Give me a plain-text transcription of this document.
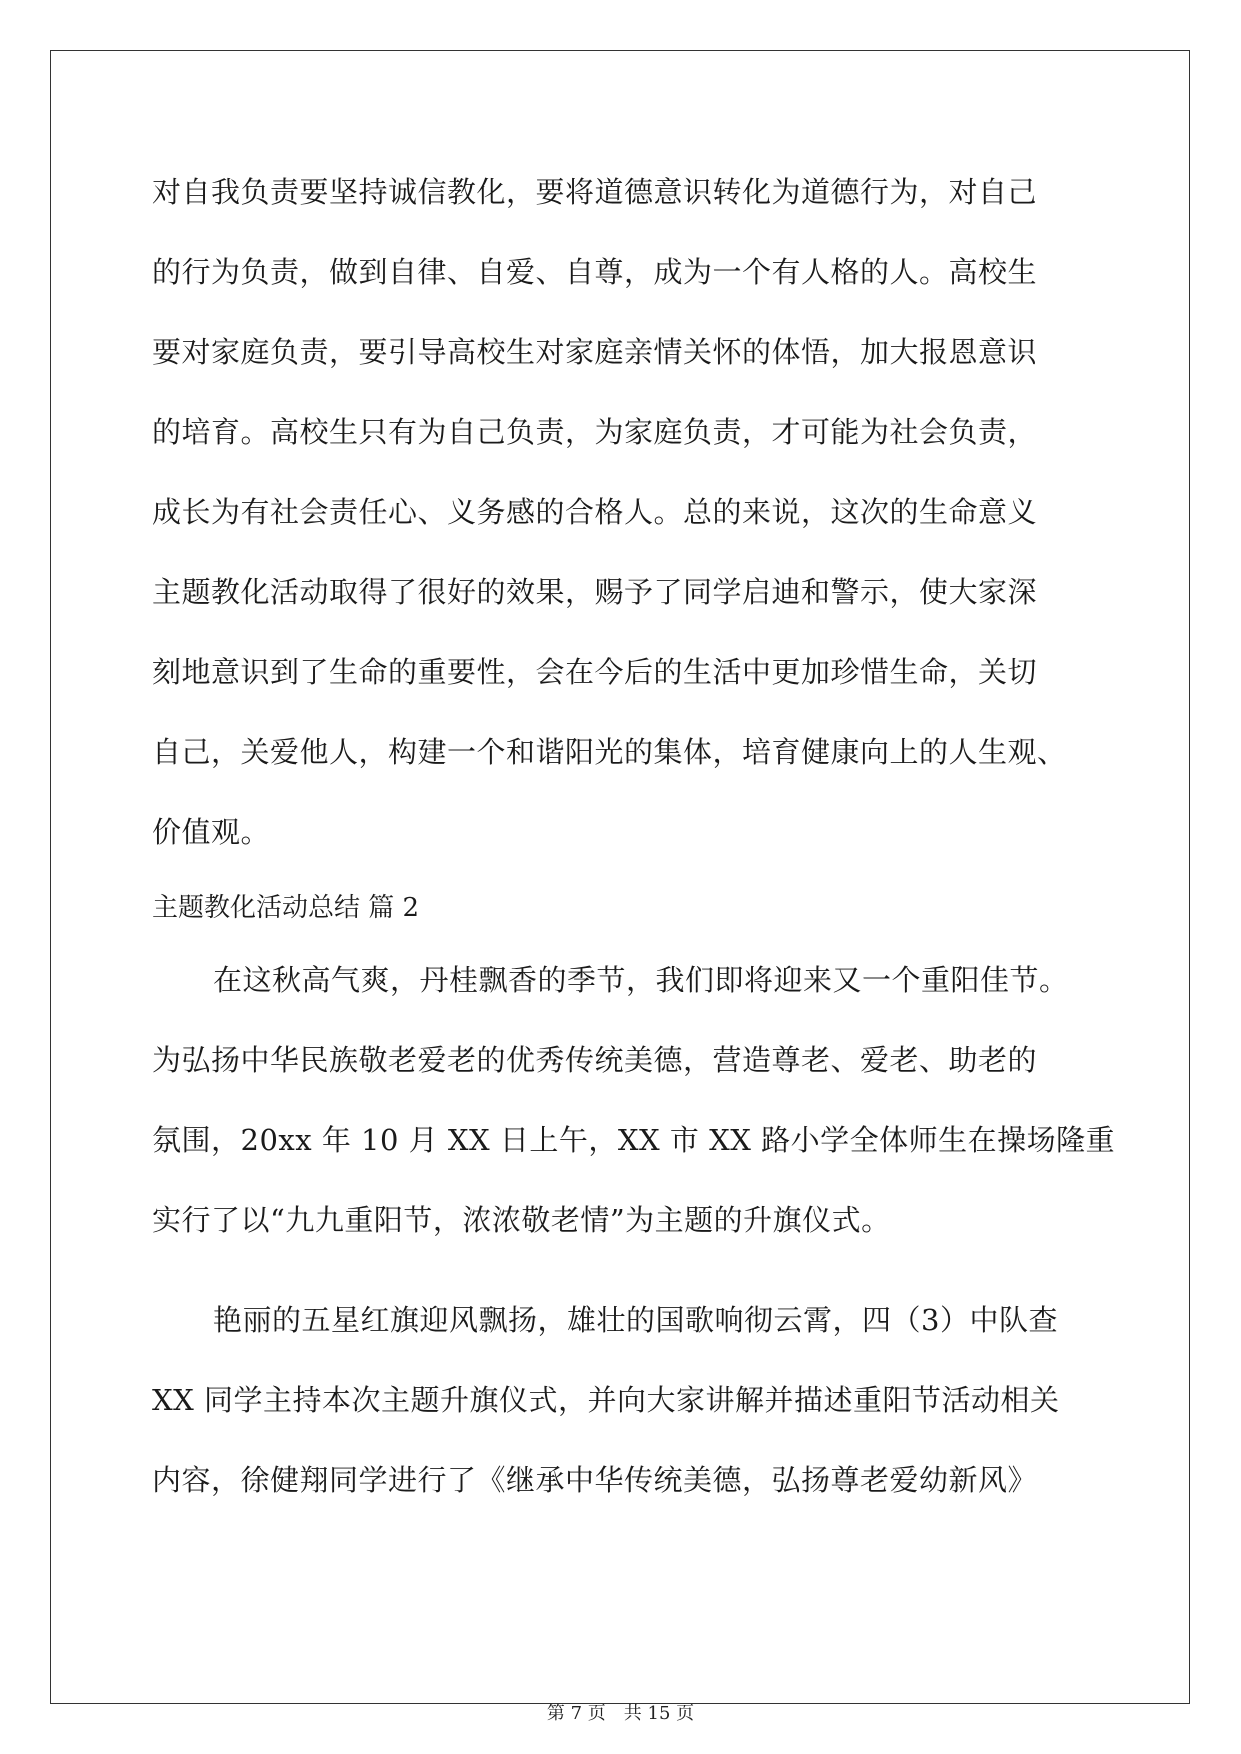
对自我负责要坚持诚信教化，要将道德意识转化为道德行为，对自己
的行为负责，做到自律、自爱、自尊，成为一个有人格的人。高校生
要对家庭负责，要引导高校生对家庭亲情关怀的体悟，加大报恩意识
的培育。高校生只有为自己负责，为家庭负责，才可能为社会负责，
成长为有社会责任心、义务感的合格人。总的来说，这次的生命意义
主题教化活动取得了很好的效果，赐予了同学启迪和警示，使大家深
刻地意识到了生命的重要性，会在今后的生活中更加珍惜生命，关切
自己，关爱他人，构建一个和谐阳光的集体，培育健康向上的人生观、
价值观。
主题教化活动总结 篇 2
在这秋高气爽，丹桂飘香的季节，我们即将迎来又一个重阳佳节。
为弘扬中华民族敬老爱老的优秀传统美德，营造尊老、爱老、助老的
氛围，20xx 年 10 月 XX 日上午，XX 市 XX 路小学全体师生在操场隆重
实行了以“九九重阳节，浓浓敬老情”为主题的升旗仪式。
艳丽的五星红旗迎风飘扬，雄壮的国歌响彻云霄，四（3）中队查
XX 同学主持本次主题升旗仪式，并向大家讲解并描述重阳节活动相关
内容，徐健翔同学进行了《继承中华传统美德，弘扬尊老爱幼新风》
第 7 页 共 15 页
